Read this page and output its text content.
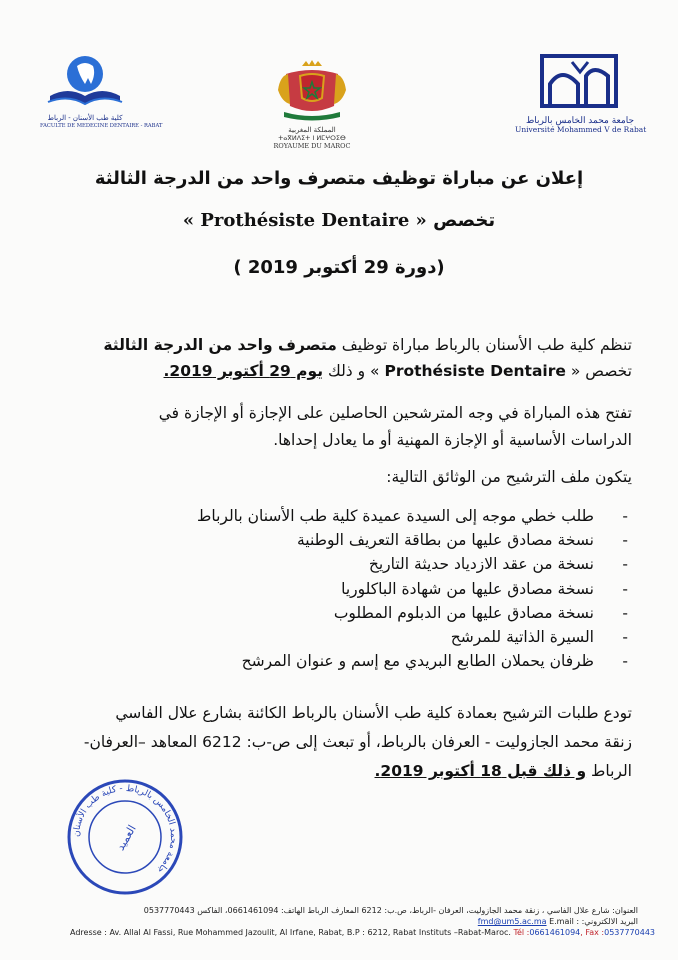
كلية طب الأسنان - الرباط
FACULTE DE MEDECINE DENTAIRE - RABAT	المملكة المغربية
ⵜⴰⴳⵍⴷⵉⵜ ⵏ ⵍⵎⵖⵔⵉⴱ
ROYAUME DU MAROC
جامعة محمد الخامس بالرباط
Université Mohammed V de Rabat
إعلان عن مباراة توظيف متصرف واحد من الدرجة الثالثة
تخصص « Prothésiste Dentaire »
(دورة 29 أكتوبر 2019 )
تنظم كلية طب الأسنان بالرباط مباراة توظيف متصرف واحد من الدرجة الثالثة
تخصص « Prothésiste Dentaire » و ذلك يوم 29 أكتوبر 2019.
تفتح هذه المباراة في وجه المترشحين الحاصلين على الإجازة أو الإجازة في
الدراسات الأساسية أو الإجازة المهنية أو ما يعادل إحداها.
يتكون ملف الترشيح من الوثائق التالية:
-طلب خطي موجه إلى السيدة عميدة كلية طب الأسنان بالرباط
-نسخة مصادق عليها من بطاقة التعريف الوطنية
-نسخة من عقد الازدياد حديثة التاريخ
-نسخة مصادق عليها من شهادة الباكلوريا
-نسخة مصادق عليها من الدبلوم المطلوب
-السيرة الذاتية للمرشح
-ظرفان يحملان الطابع البريدي مع إسم و عنوان المرشح
تودع طلبات الترشيح بعمادة كلية طب الأسنان بالرباط الكائنة بشارع علال الفاسي
زنقة محمد الجازوليت - العرفان بالرباط، أو تبعث إلى ص-ب: 6212 المعاهد –العرفان-
الرباط و ذلك قبل 18 أكتوبر 2019.
جامعة محمد الخامس بالرباط - كلية طب الأسنان
العميد
العنوان: شارع علال الفاسي ، زنقة محمد الجازوليت، العرفان -الرباط، ص.ب: 6212 المعارف الرباط الهاتف: 0661461094، الفاكس 0537770443
البريد الالكتروني: fmd@um5.ac.ma E.mail :
Adresse : Av. Allal Al Fassi, Rue Mohammed Jazoulit, Al Irfane, Rabat, B.P : 6212, Rabat Instituts –Rabat-Maroc. Tél :0661461094, Fax :0537770443
